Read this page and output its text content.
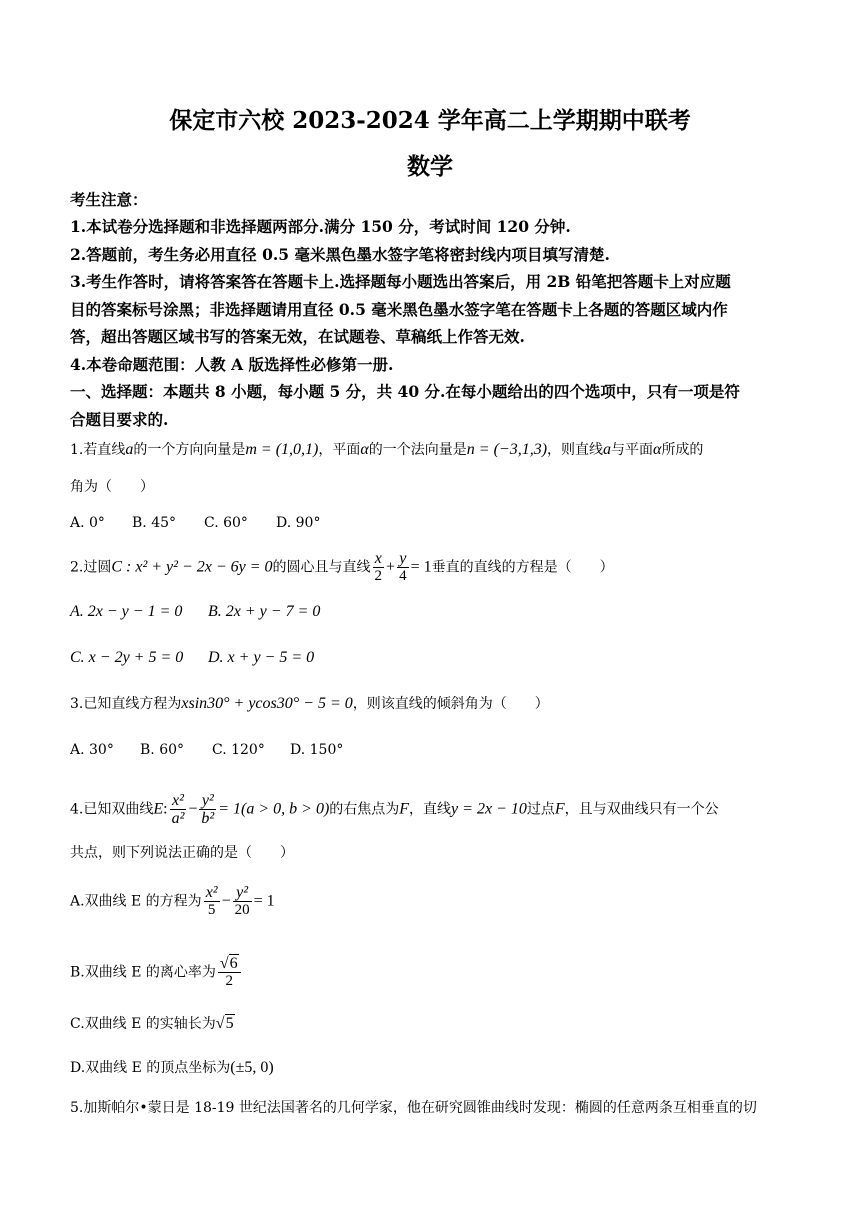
保定市六校 2023-2024 学年高二上学期期中联考
数学
考生注意：
1.本试卷分选择题和非选择题两部分.满分 150 分，考试时间 120 分钟.
2.答题前，考生务必用直径 0.5 毫米黑色墨水签字笔将密封线内项目填写清楚.
3.考生作答时，请将答案答在答题卡上.选择题每小题选出答案后，用 2B 铅笔把答题卡上对应题
目的答案标号涂黑；非选择题请用直径 0.5 毫米黑色墨水签字笔在答题卡上各题的答题区域内作
答，超出答题区域书写的答案无效，在试题卷、草稿纸上作答无效.
4.本卷命题范围：人教 A 版选择性必修第一册.
一、选择题：本题共 8 小题，每小题 5 分，共 40 分.在每小题给出的四个选项中，只有一项是符
合题目要求的.
1.若直线a的一个方向向量是m = (1,0,1)，平面α的一个法向量是n = (−3,1,3)，则直线a与平面α所成的
角为（　　）
A. 0° B. 45° C. 60° D. 90°
2.过圆C : x² + y² − 2x − 6y = 0的圆心且与直线 $\frac{x}{2} + \frac{y}{4} = 1$垂直的直线的方程是（　　）
A. 2x − y − 1 = 0 B. 2x + y − 7 = 0
C. x − 2y + 5 = 0 D. x + y − 5 = 0
3.已知直线方程为xsin30° + ycos30° − 5 = 0，则该直线的倾斜角为（　　）
A. 30° B. 60° C. 120° D. 150°
4.已知双曲线E: $\frac{\text{x²}}{\text{a²}} - \frac{\text{y²}}{\text{b²}} = 1(a > 0$, b > 0)的右焦点为F，直线y = 2x − 10过点F，且与双曲线只有一个公
共点，则下列说法正确的是（　　）
A.双曲线 E 的方程为 $\frac{\text{x²}}{5} - \frac{\text{y²}}{20} = 1$
B.双曲线 E 的离心率为 $\frac{√6}{2}$
C.双曲线 E 的实轴长为√5
D.双曲线 E 的顶点坐标为(±5, 0)
5.加斯帕尔•蒙日是 18-19 世纪法国著名的几何学家，他在研究圆锥曲线时发现：椭圆的任意两条互相垂直的切
